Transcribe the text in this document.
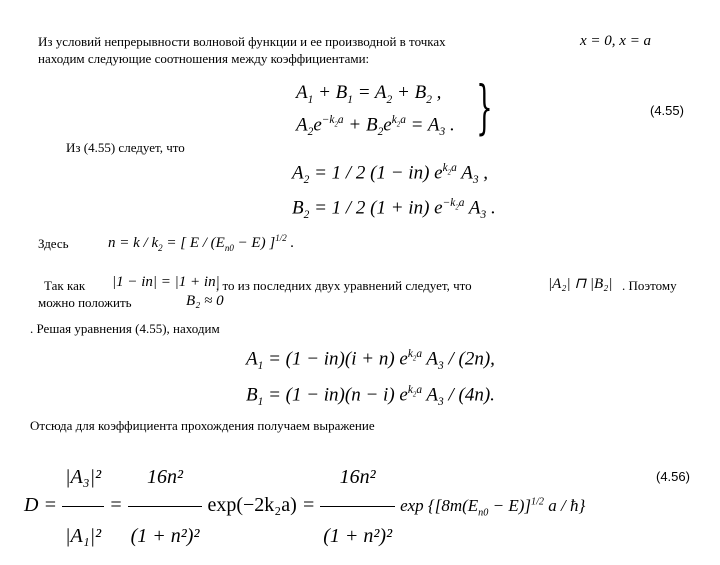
Из условий непрерывности волновой функции и ее производной в точках
находим следующие соотношения между коэффициентами:
x = 0, x = a
$A_1 + B_1 = A_2 + B_2$ ,
$A_2e^{-k_2a} + B_2e^{k_2a} = A_3$ . }	(4.55)
Из (4.55) следует, что
$A_2 = 1 / 2$ (1 − in) $e^{k_2a}$ $A_3$ ,
$B_2 = 1 / 2$ (1 + in) $e^{-k_2a}$ $A_3$ .
Здесь	$n = k / k_2$ = [ $E / (E_{n0} - E)$ ]$^{1/2}$ .
Так как |1 − in| = |1 + in|
, то из последних двух уравнений следует, что	|A₂| ⊓ |B₂| . Поэтому
можно положить	B₂ ≈ 0
. Решая уравнения (4.55), находим
$A_1 = (1 - in)(i + n)$ $e^{k_2a}$ $A_3 / (2n)$,
$B_1 = (1 - in)(n - i)$ $e^{k_2a}$ $A_3 / (4n)$.
Отсюда для коэффициента прохождения получаем выражение
$D = \frac{\text{|A₃|²}}{\text{|A₁|²}} = \frac{\text{16n²}}{\text{(1 + n²)²}} \exp(-2k_2a) = \frac{\text{16n²}}{\text{(1 + n²)²}}$ $\exp \{[8m(E_{n0} - E)]^{1/2}$ a / ħ}
(4.56)
